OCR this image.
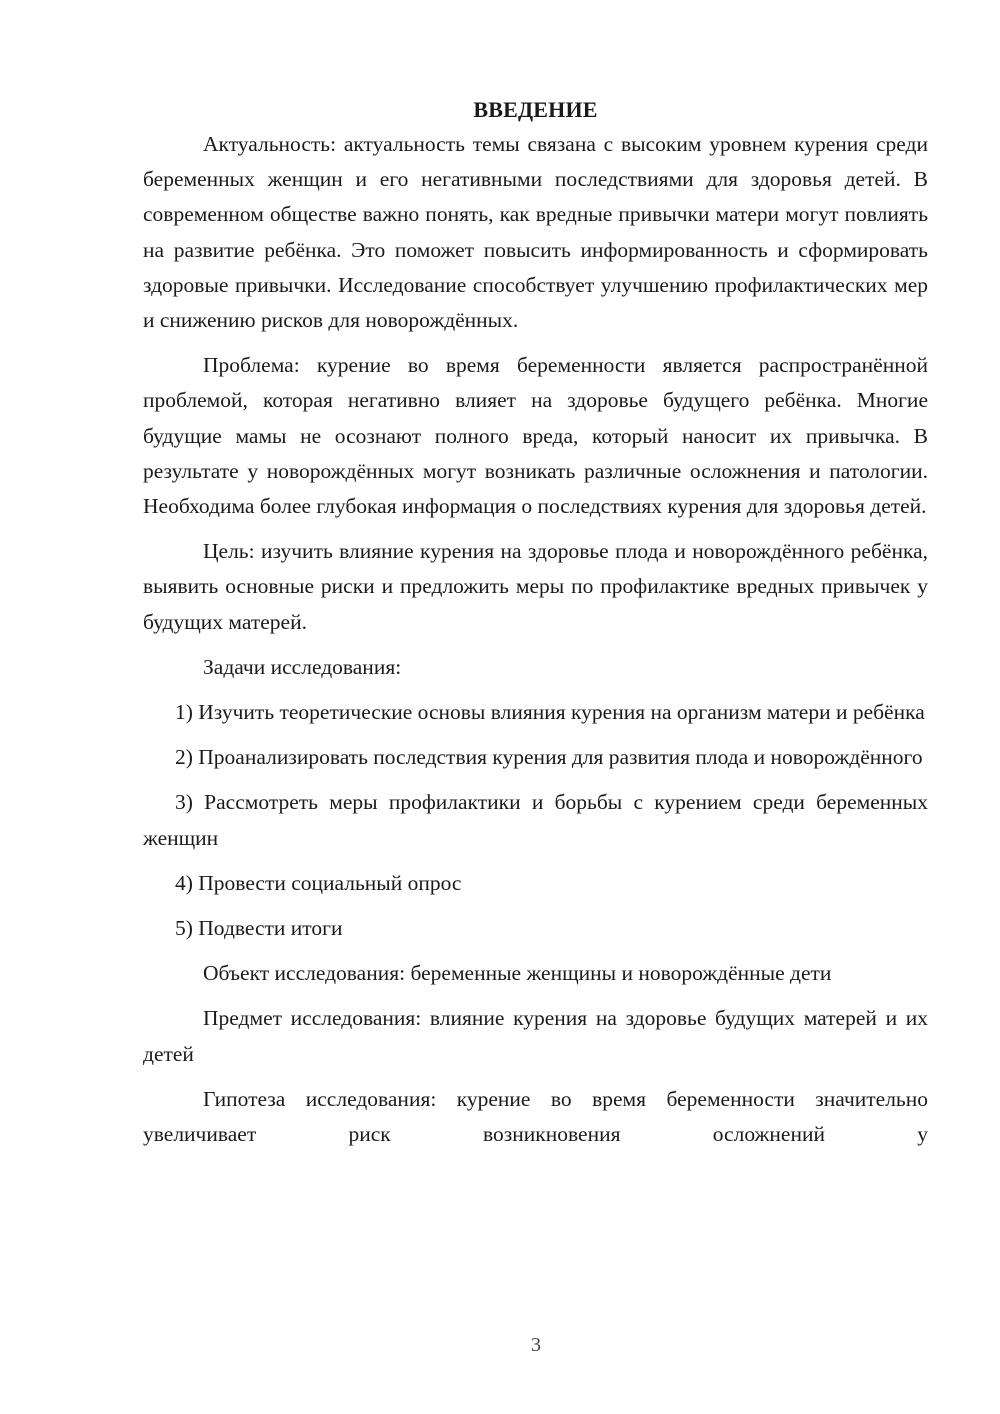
ВВЕДЕНИЕ

Актуальность: актуальность темы связана с высоким уровнем курения среди беременных женщин и его негативными последствиями для здоровья детей. В современном обществе важно понять, как вредные привычки матери могут повлиять на развитие ребёнка. Это поможет повысить информированность и сформировать здоровые привычки. Исследование способствует улучшению профилактических мер и снижению рисков для новорождённых.

Проблема: курение во время беременности является распространённой проблемой, которая негативно влияет на здоровье будущего ребёнка. Многие будущие мамы не осознают полного вреда, который наносит их привычка. В результате у новорождённых могут возникать различные осложнения и патологии. Необходима более глубокая информация о последствиях курения для здоровья детей.

Цель: изучить влияние курения на здоровье плода и новорождённого ребёнка, выявить основные риски и предложить меры по профилактике вредных привычек у будущих матерей.

Задачи исследования:

1) Изучить теоретические основы влияния курения на организм матери и ребёнка

2) Проанализировать последствия курения для развития плода и новорождённого

3) Рассмотреть меры профилактики и борьбы с курением среди беременных женщин

4) Провести социальный опрос

5) Подвести итоги

Объект исследования: беременные женщины и новорождённые дети

Предмет исследования: влияние курения на здоровье будущих матерей и их детей

Гипотеза исследования: курение во время беременности значительно увеличивает риск возникновения осложнений у

3
